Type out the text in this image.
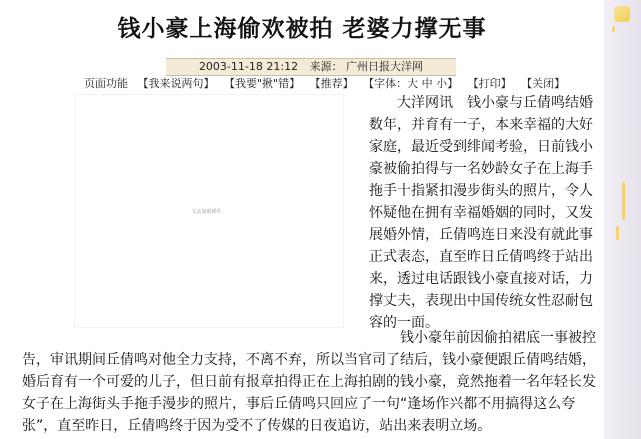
钱小豪上海偷欢被拍 老婆力撑无事
2003-11-18 21:12 来源： 广州日报大洋网
页面功能 【我来说两句】 【我要"揪"错】 【推荐】 【字体：大 中 小】 【打印】 【关闭】
无法加载插件。

大洋网讯　钱小豪与丘倩鸣结婚数年，并育有一子，本来幸福的大好家庭，最近受到绯闻考验，日前钱小豪被偷拍得与一名妙龄女子在上海手拖手十指紧扣漫步街头的照片，令人怀疑他在拥有幸福婚姻的同时，又发展婚外情，丘倩鸣连日来没有就此事正式表态，直至昨日丘倩鸣终于站出来，透过电话跟钱小豪直接对话，力撑丈夫，表现出中国传统女性忍耐包容的一面。

钱小豪年前因偷拍裙底一事被控告，审讯期间丘倩鸣对他全力支持，不离不弃，所以当官司了结后，钱小豪便跟丘倩鸣结婚，婚后育有一个可爱的儿子，但日前有报章拍得正在上海拍剧的钱小豪，竟然拖着一名年轻长发女子在上海街头手拖手漫步的照片，事后丘倩鸣只回应了一句“逢场作兴都不用搞得这么夸张”，直至昨日，丘倩鸣终于因为受不了传媒的日夜追访，站出来表明立场。
